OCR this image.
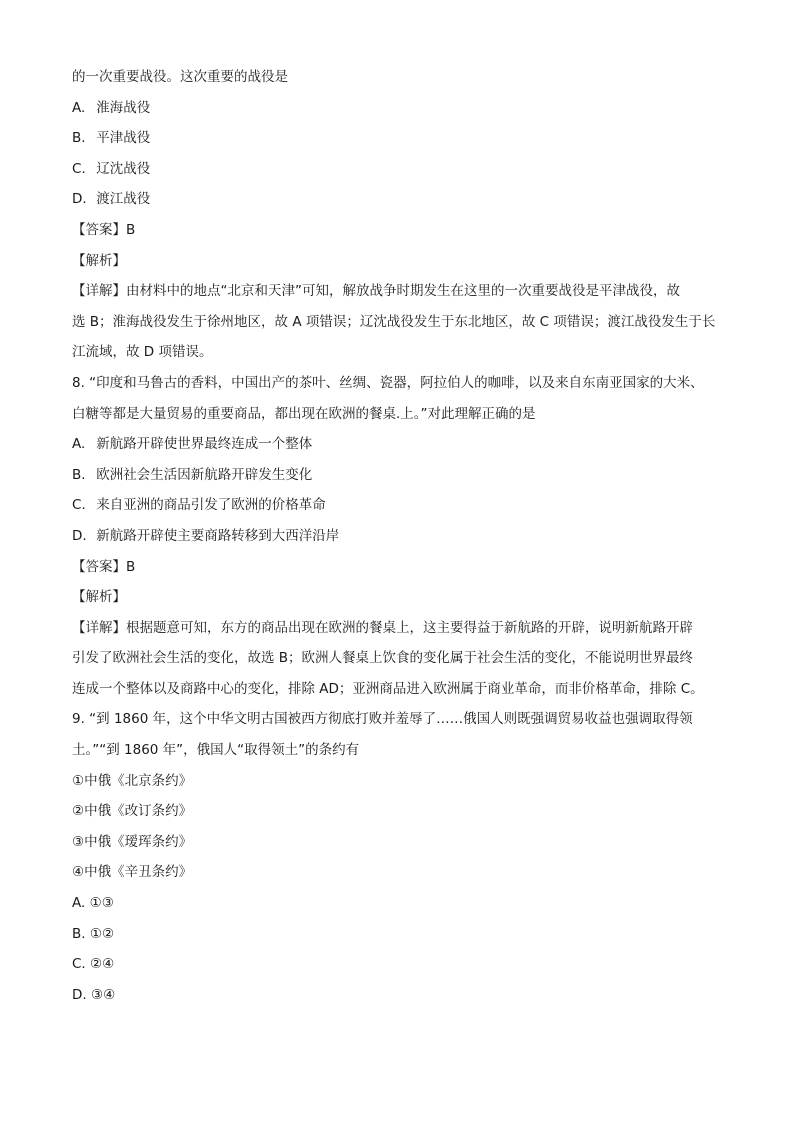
的一次重要战役。这次重要的战役是
A. 淮海战役
B. 平津战役
C. 辽沈战役
D. 渡江战役
【答案】B
【解析】
【详解】由材料中的地点“北京和天津”可知，解放战争时期发生在这里的一次重要战役是平津战役，故
选 B；淮海战役发生于徐州地区，故 A 项错误；辽沈战役发生于东北地区，故 C 项错误；渡江战役发生于长
江流域，故 D 项错误。
8. “印度和马鲁古的香料，中国出产的茶叶、丝绸、瓷器，阿拉伯人的咖啡，以及来自东南亚国家的大米、
白糖等都是大量贸易的重要商品，都出现在欧洲的餐桌.上。”对此理解正确的是
A. 新航路开辟使世界最终连成一个整体
B. 欧洲社会生活因新航路开辟发生变化
C. 来自亚洲的商品引发了欧洲的价格革命
D. 新航路开辟使主要商路转移到大西洋沿岸
【答案】B
【解析】
【详解】根据题意可知，东方的商品出现在欧洲的餐桌上，这主要得益于新航路的开辟，说明新航路开辟
引发了欧洲社会生活的变化，故选 B；欧洲人餐桌上饮食的变化属于社会生活的变化，不能说明世界最终
连成一个整体以及商路中心的变化，排除 AD；亚洲商品进入欧洲属于商业革命，而非价格革命，排除 C。
9. “到 1860 年，这个中华文明古国被西方彻底打败并羞辱了……俄国人则既强调贸易收益也强调取得领
土。”“到 1860 年”，俄国人“取得领土”的条约有
①中俄《北京条约》
②中俄《改订条约》
③中俄《瑷珲条约》
④中俄《辛丑条约》
A. ①③
B. ①②
C. ②④
D. ③④
